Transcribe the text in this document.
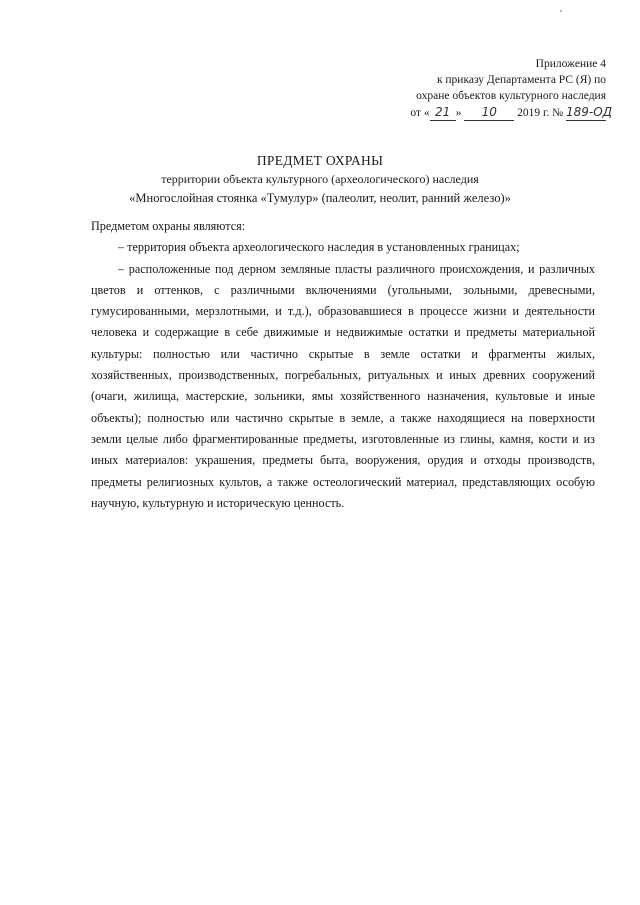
Приложение 4
к приказу Департамента РС (Я) по
охране объектов культурного наследия
от « 21 » 10 2019 г. № 189-ОД
ПРЕДМЕТ ОХРАНЫ
территории объекта культурного (археологического) наследия
«Многослойная стоянка «Тумулур» (палеолит, неолит, ранний железо)»

Предметом охраны являются:

– территория объекта археологического наследия в установленных границах;

– расположенные под дерном земляные пласты различного происхождения, и различных цветов и оттенков, с различными включениями (угольными, зольными, древесными, гумусированными, мерзлотными, и т.д.), образовавшиеся в процессе жизни и деятельности человека и содержащие в себе движимые и недвижимые остатки и предметы материальной культуры: полностью или частично скрытые в земле остатки и фрагменты жилых, хозяйственных, производственных, погребальных, ритуальных и иных древних сооружений (очаги, жилища, мастерские, зольники, ямы хозяйственного назначения, культовые и иные объекты); полностью или частично скрытые в земле, а также находящиеся на поверхности земли целые либо фрагментированные предметы, изготовленные из глины, камня, кости и из иных материалов: украшения, предметы быта, вооружения, орудия и отходы производств, предметы религиозных культов, а также остеологический материал, представляющих особую научную, культурную и историческую ценность.
